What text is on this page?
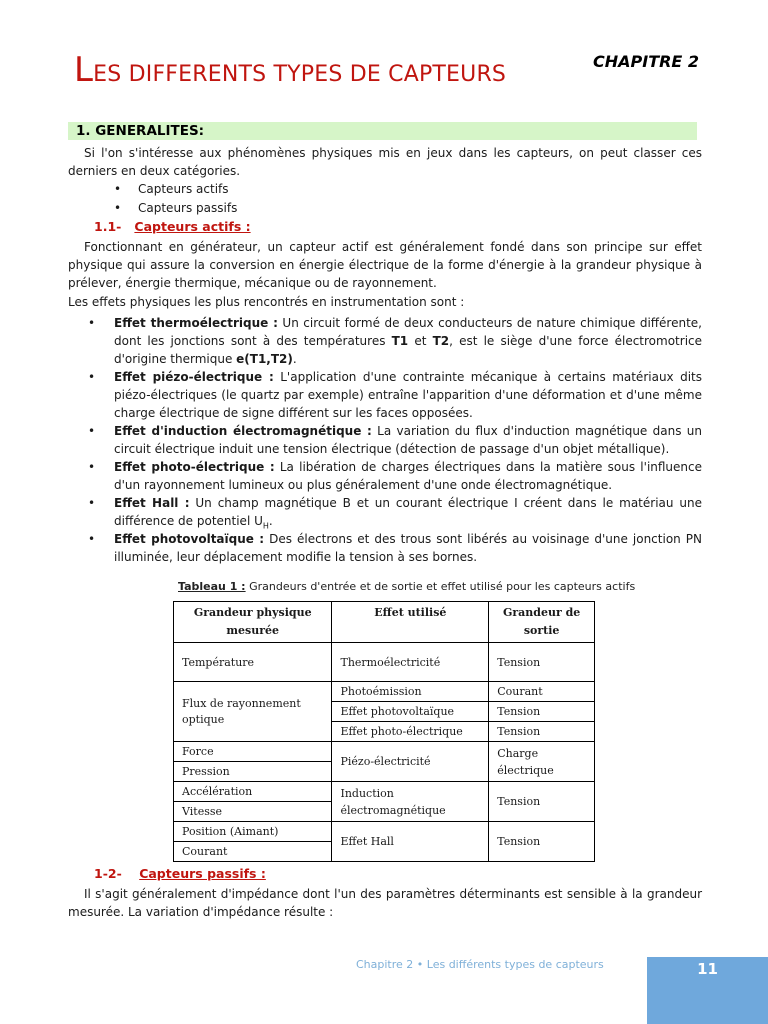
LES DIFFERENTS TYPES DE CAPTEURS
CHAPITRE 2
1. GENERALITES:

Si l'on s'intéresse aux phénomènes physiques mis en jeux dans les capteurs, on peut classer ces derniers en deux catégories.

• Capteurs actifs
• Capteurs passifs
1.1- Capteurs actifs :

Fonctionnant en générateur, un capteur actif est généralement fondé dans son principe sur effet physique qui assure la conversion en énergie électrique de la forme d'énergie à la grandeur physique à prélever, énergie thermique, mécanique ou de rayonnement.

Les effets physiques les plus rencontrés en instrumentation sont :

• Effet thermoélectrique : Un circuit formé de deux conducteurs de nature chimique différente, dont les jonctions sont à des températures T1 et T2, est le siège d'une force électromotrice d'origine thermique e(T1,T2).

• Effet piézo-électrique : L'application d'une contrainte mécanique à certains matériaux dits piézo-électriques (le quartz par exemple) entraîne l'apparition d'une déformation et d'une même charge électrique de signe différent sur les faces opposées.

• Effet d'induction électromagnétique : La variation du flux d'induction magnétique dans un circuit électrique induit une tension électrique (détection de passage d'un objet métallique).

• Effet photo-électrique : La libération de charges électriques dans la matière sous l'influence d'un rayonnement lumineux ou plus généralement d'une onde électromagnétique.

• Effet Hall : Un champ magnétique B et un courant électrique I créent dans le matériau une différence de potentiel $U_H$.

• Effet photovoltaïque : Des électrons et des trous sont libérés au voisinage d'une jonction PN illuminée, leur déplacement modifie la tension à ses bornes.

Tableau 1 : Grandeurs d'entrée et de sortie et effet utilisé pour les capteurs actifs
Grandeur physique mesurée	Effet utilisé	Grandeur de sortie
Température	Thermoélectricité	Tension
Flux de rayonnement optique	Photoémission	Courant
	Effet photovoltaïque	Tension
	Effet photo-électrique	Tension
Force	Piézo-électricité	Charge électrique
Pression		
Accélération	Induction électromagnétique	Tension
Vitesse		
Position (Aimant)	Effet Hall	Tension
Courant		
1-2- Capteurs passifs :

Il s'agit généralement d'impédance dont l'un des paramètres déterminants est sensible à la grandeur mesurée. La variation d'impédance résulte :

Chapitre 2 • Les différents types de capteurs	11
